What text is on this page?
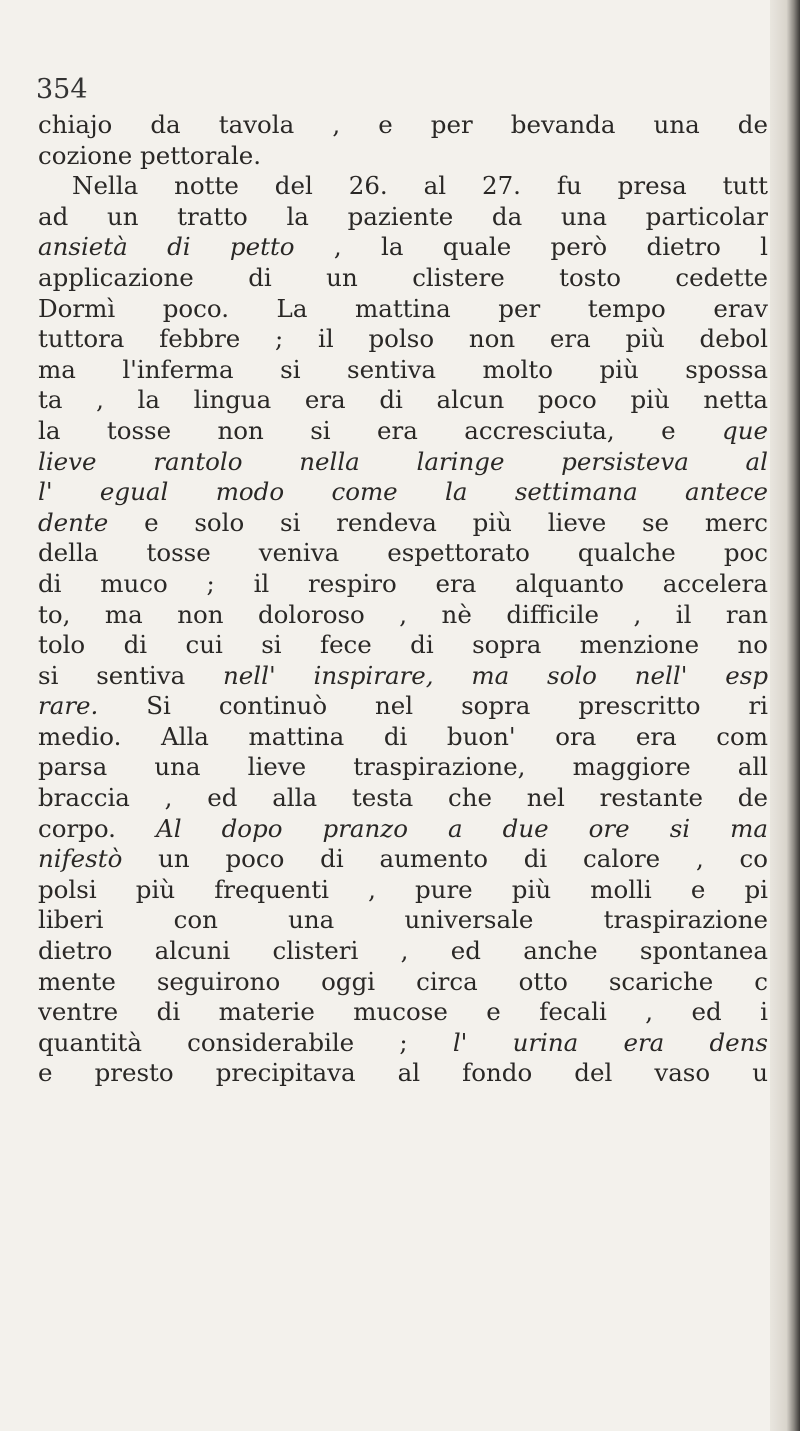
354
chiajo da tavola , e per bevanda una de
cozione pettorale.
Nella notte del 26. al 27. fu presa tutt
ad un tratto la paziente da una particolar
ansietà di petto , la quale però dietro l
applicazione di un clistere tosto cedette
Dormì poco. La mattina per tempo erav
tuttora febbre ; il polso non era più debol
ma l'inferma si sentiva molto più spossa
ta , la lingua era di alcun poco più netta
la tosse non si era accresciuta, e que
lieve rantolo nella laringe persisteva al
l' egual modo come la settimana antece
dente e solo si rendeva più lieve se merc
della tosse veniva espettorato qualche poc
di muco ; il respiro era alquanto accelera
to, ma non doloroso , nè difficile , il ran
tolo di cui si fece di sopra menzione no
si sentiva nell' inspirare, ma solo nell' esp
rare. Si continuò nel sopra prescritto ri
medio. Alla mattina di buon' ora era com
parsa una lieve traspirazione, maggiore all
braccia , ed alla testa che nel restante de
corpo. Al dopo pranzo a due ore si ma
nifestò un poco di aumento di calore , co
polsi più frequenti , pure più molli e pi
liberi con una universale traspirazione
dietro alcuni clisteri , ed anche spontanea
mente seguirono oggi circa otto scariche c
ventre di materie mucose e fecali , ed i
quantità considerabile ; l' urina era dens
e presto precipitava al fondo del vaso u
